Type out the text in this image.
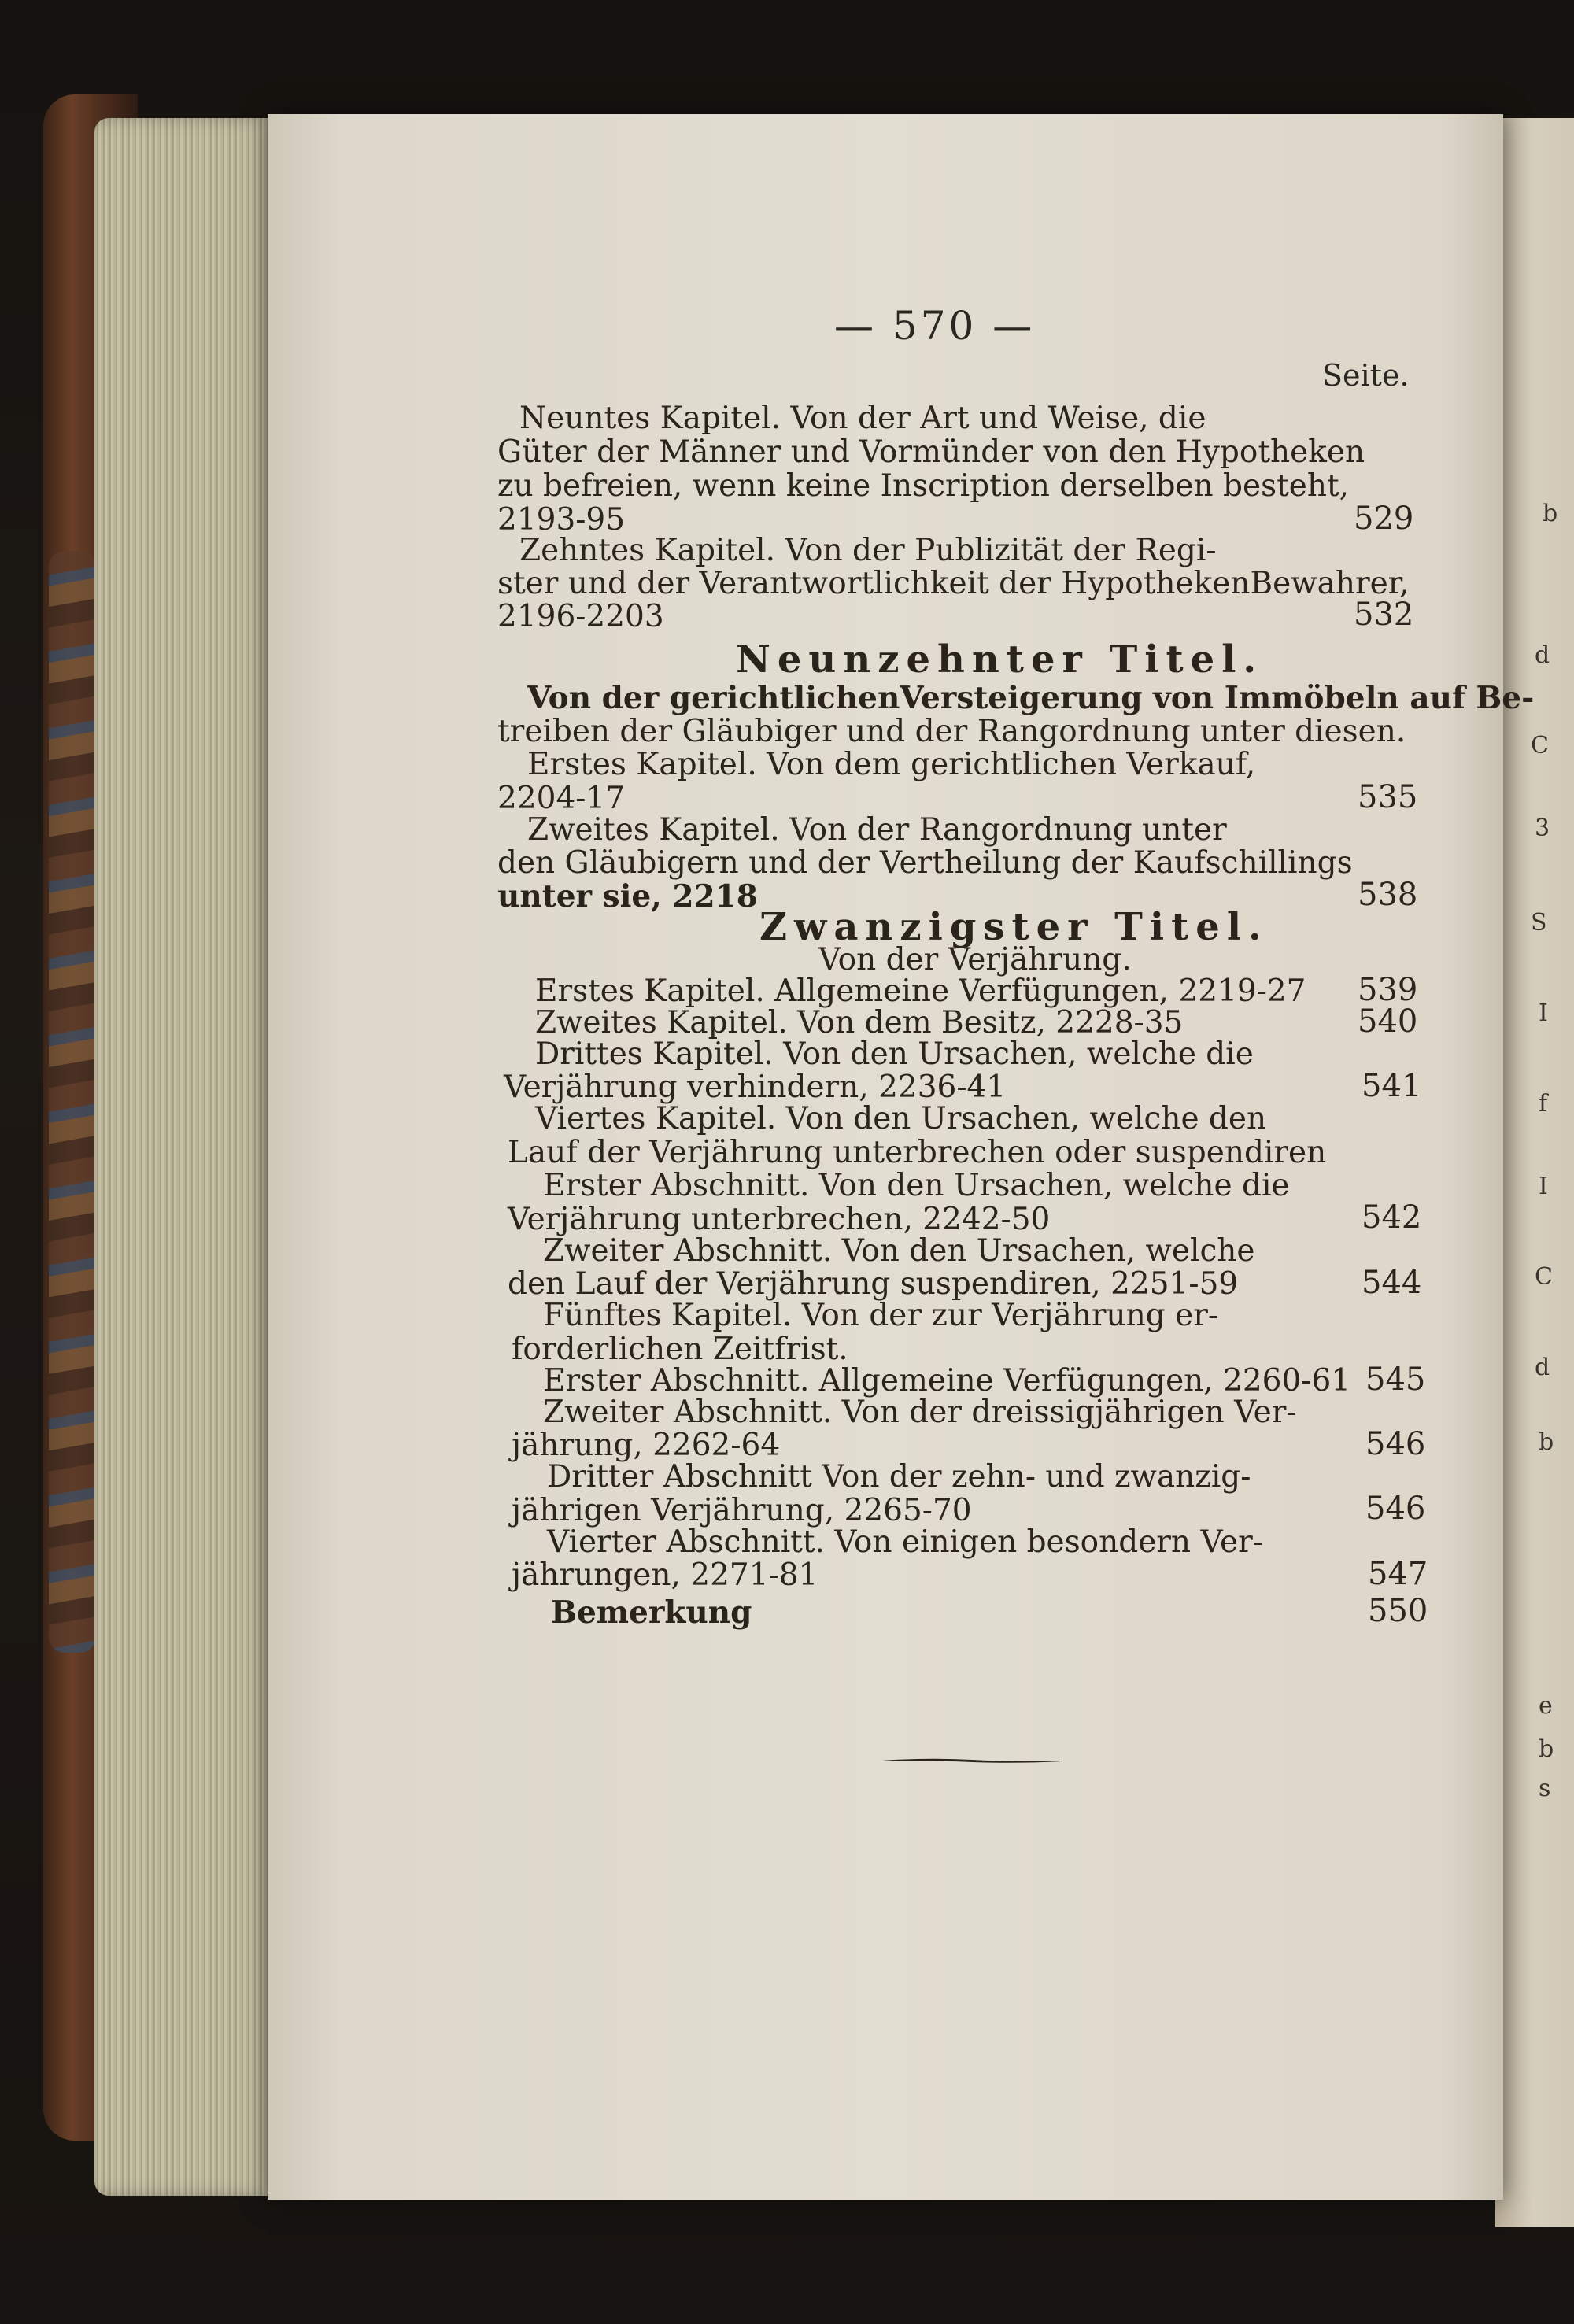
b
d
C
3
S
I
f
I
C
d
b
e
b
s
— 570 —
Seite.
Neuntes Kapitel. Von der Art und Weise, die
Güter der Männer und Vormünder von den Hypotheken
zu befreien, wenn keine Inscription derselben besteht,
2193-95	529
Zehntes Kapitel. Von der Publizität der Regi-
ster und der Verantwortlichkeit der HypothekenBewahrer,
2196-2203	532
Neunzehnter Titel.
Von der gerichtlichenVersteigerung von Immöbeln auf Be-
treiben der Gläubiger und der Rangordnung unter diesen.
Erstes Kapitel. Von dem gerichtlichen Verkauf,
2204-17	535
Zweites Kapitel. Von der Rangordnung unter
den Gläubigern und der Vertheilung der Kaufschillings
unter sie, 2218	538
Zwanzigster Titel.
Von der Verjährung.
Erstes Kapitel. Allgemeine Verfügungen, 2219-27 539
Zweites Kapitel. Von dem Besitz, 2228-35	540
Drittes Kapitel. Von den Ursachen, welche die
Verjährung verhindern, 2236-41	541
Viertes Kapitel. Von den Ursachen, welche den
Lauf der Verjährung unterbrechen oder suspendiren
Erster Abschnitt. Von den Ursachen, welche die
Verjährung unterbrechen, 2242-50	542
Zweiter Abschnitt. Von den Ursachen, welche
den Lauf der Verjährung suspendiren, 2251-59	544
Fünftes Kapitel. Von der zur Verjährung er-
forderlichen Zeitfrist.
Erster Abschnitt. Allgemeine Verfügungen, 2260-61 545
Zweiter Abschnitt. Von der dreissigjährigen Ver-
jährung, 2262-64	546
Dritter Abschnitt Von der zehn- und zwanzig-
jährigen Verjährung, 2265-70	546
Vierter Abschnitt. Von einigen besondern Ver-
jährungen, 2271-81	547
Bemerkung	550
